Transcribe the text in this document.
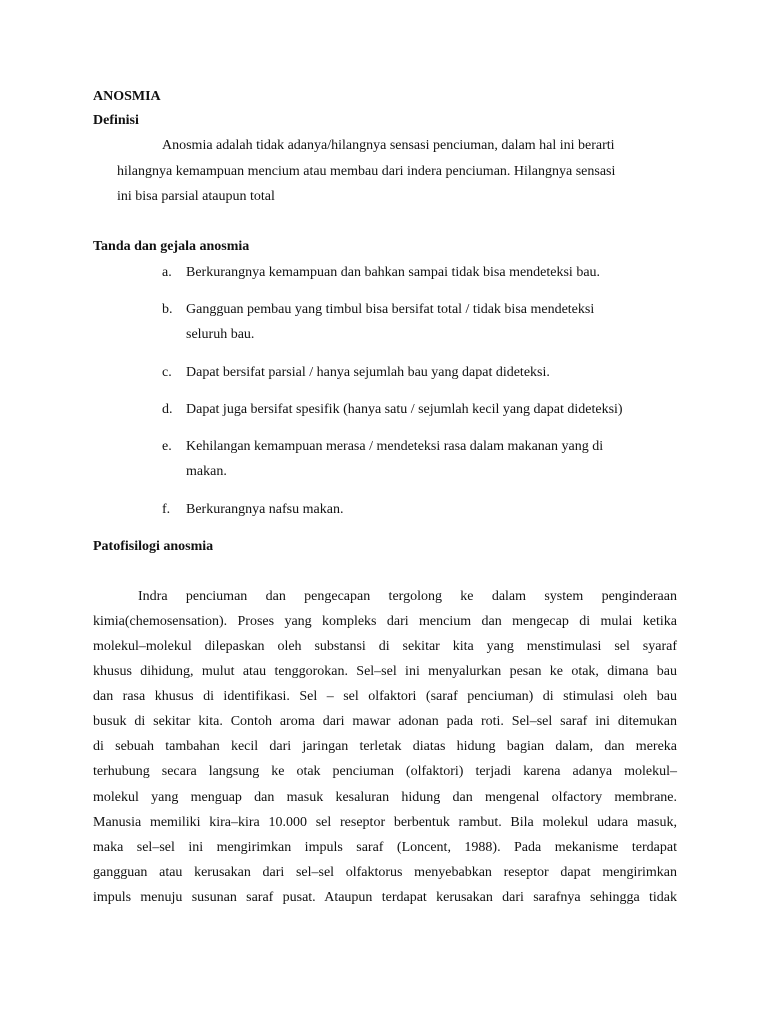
ANOSMIA
Definisi
Anosmia adalah tidak adanya/hilangnya sensasi penciuman, dalam hal ini berarti
hilangnya kemampuan mencium atau membau dari indera penciuman. Hilangnya sensasi
ini bisa parsial ataupun total
Tanda dan gejala anosmia
a. Berkurangnya kemampuan dan bahkan sampai tidak bisa mendeteksi bau.
b. Gangguan pembau yang timbul bisa bersifat total / tidak bisa mendeteksi
seluruh bau.
c. Dapat bersifat parsial / hanya sejumlah bau yang dapat dideteksi.
d. Dapat juga bersifat spesifik (hanya satu / sejumlah kecil yang dapat dideteksi)
e. Kehilangan kemampuan merasa / mendeteksi rasa dalam makanan yang di
makan.
f. Berkurangnya nafsu makan.
Patofisilogi anosmia
Indra penciuman dan pengecapan tergolong ke dalam system penginderaan
kimia(chemosensation). Proses yang kompleks dari mencium dan mengecap di mulai ketika
molekul–molekul dilepaskan oleh substansi di sekitar kita yang menstimulasi sel syaraf
khusus dihidung, mulut atau tenggorokan. Sel–sel ini menyalurkan pesan ke otak, dimana bau
dan rasa khusus di identifikasi. Sel – sel olfaktori (saraf penciuman) di stimulasi oleh bau
busuk di sekitar kita. Contoh aroma dari mawar adonan pada roti. Sel–sel saraf ini ditemukan
di sebuah tambahan kecil dari jaringan terletak diatas hidung bagian dalam, dan mereka
terhubung secara langsung ke otak penciuman (olfaktori) terjadi karena adanya molekul–
molekul yang menguap dan masuk kesaluran hidung dan mengenal olfactory membrane.
Manusia memiliki kira–kira 10.000 sel reseptor berbentuk rambut. Bila molekul udara masuk,
maka sel–sel ini mengirimkan impuls saraf (Loncent, 1988). Pada mekanisme terdapat
gangguan atau kerusakan dari sel–sel olfaktorus menyebabkan reseptor dapat mengirimkan
impuls menuju susunan saraf pusat. Ataupun terdapat kerusakan dari sarafnya sehingga tidak
